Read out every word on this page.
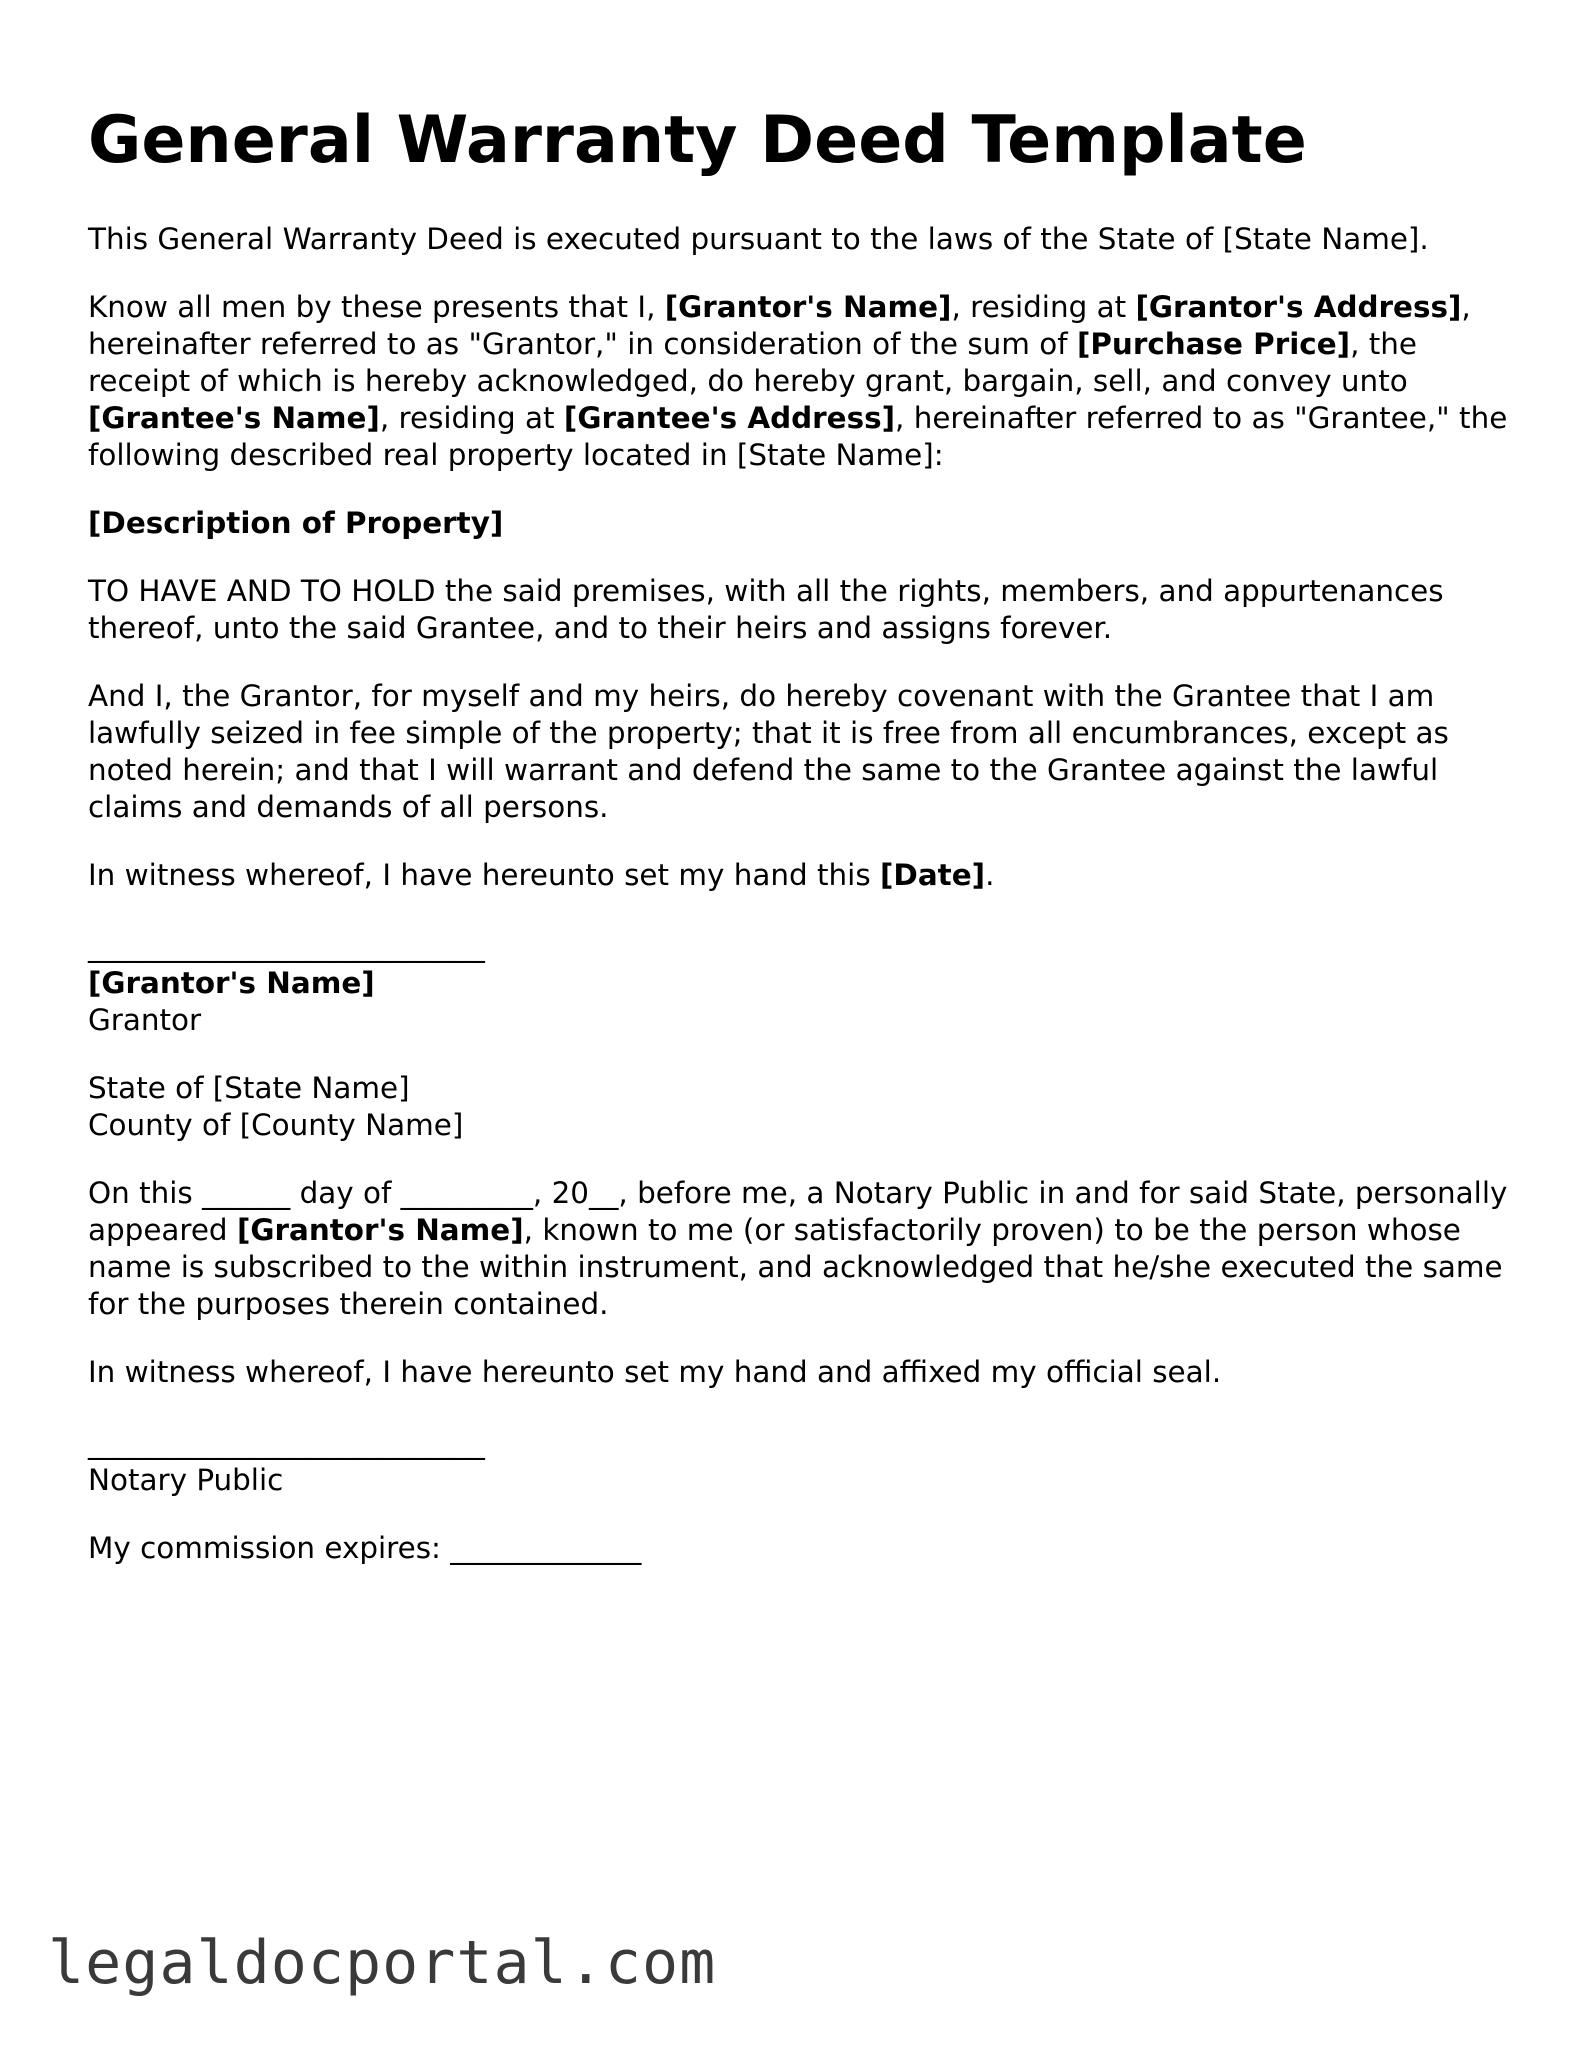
General Warranty Deed Template

This General Warranty Deed is executed pursuant to the laws of the State of [State Name].

Know all men by these presents that I, [Grantor's Name], residing at [Grantor's Address], hereinafter referred to as "Grantor," in consideration of the sum of [Purchase Price], the receipt of which is hereby acknowledged, do hereby grant, bargain, sell, and convey unto [Grantee's Name], residing at [Grantee's Address], hereinafter referred to as "Grantee," the following described real property located in [State Name]:

[Description of Property]

TO HAVE AND TO HOLD the said premises, with all the rights, members, and appurtenances thereof, unto the said Grantee, and to their heirs and assigns forever.

And I, the Grantor, for myself and my heirs, do hereby covenant with the Grantee that I am lawfully seized in fee simple of the property; that it is free from all encumbrances, except as noted herein; and that I will warrant and defend the same to the Grantee against the lawful claims and demands of all persons.

In witness whereof, I have hereunto set my hand this [Date].

___________________________
[Grantor's Name]
Grantor

State of [State Name]
County of [County Name]

On this ______ day of _________, 20__, before me, a Notary Public in and for said State, personally appeared [Grantor's Name], known to me (or satisfactorily proven) to be the person whose name is subscribed to the within instrument, and acknowledged that he/she executed the same for the purposes therein contained.

In witness whereof, I have hereunto set my hand and affixed my official seal.

___________________________
Notary Public

My commission expires: _____________

legaldocportal.com
